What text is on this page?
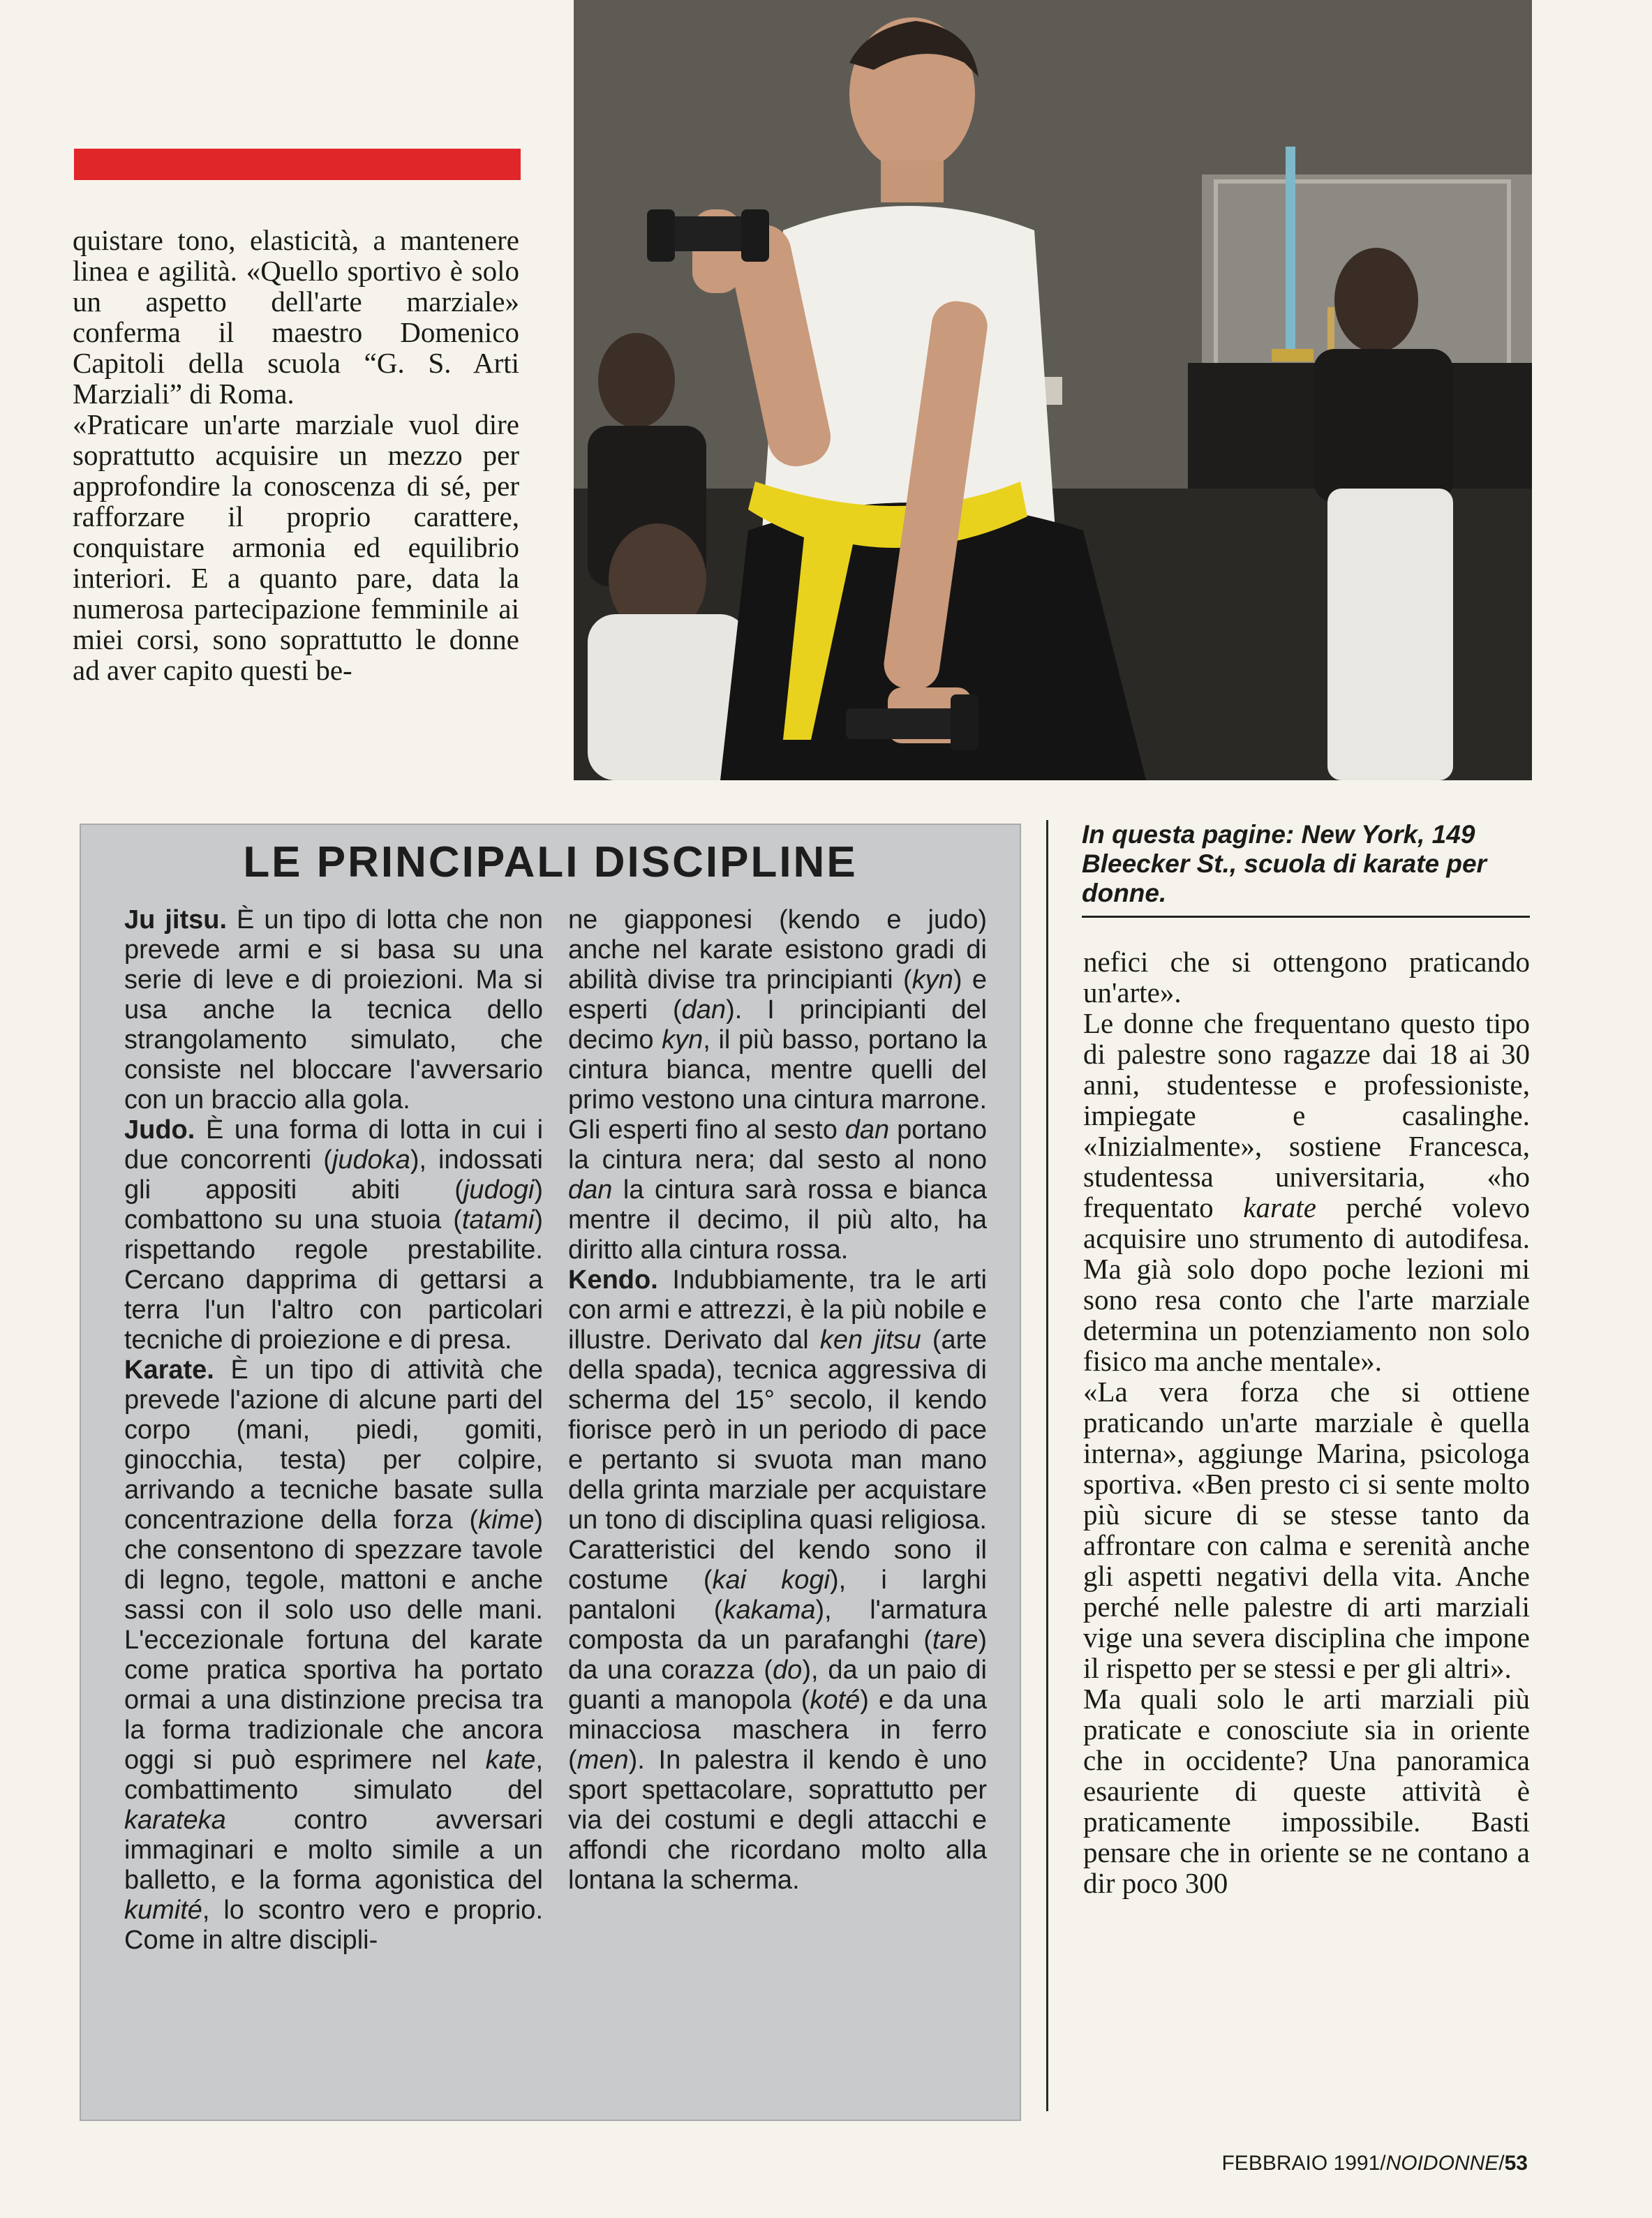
quistare tono, elasticità, a mantenere linea e agilità. «Quello sportivo è solo un aspetto dell'arte marziale» conferma il maestro Domenico Capitoli della scuola “G. S. Arti Marziali” di Roma.

«Praticare un'arte marziale vuol dire soprattutto acquisire un mezzo per approfondire la conoscenza di sé, per rafforzare il proprio carattere, conquistare armonia ed equilibrio interiori. E a quanto pare, data la numerosa partecipazione femminile ai miei corsi, sono soprattutto le donne ad aver capito questi be-

In questa pagine: New York, 149 Bleecker St., scuola di karate per donne.
LE PRINCIPALI DISCIPLINE

Ju jitsu. È un tipo di lotta che non prevede armi e si basa su una serie di leve e di proiezioni. Ma si usa anche la tecnica dello strangolamento simulato, che consiste nel bloccare l'avversario con un braccio alla gola.

Judo. È una forma di lotta in cui i due concorrenti (judoka), indossati gli appositi abiti (judogi) combattono su una stuoia (tatami) rispettando regole prestabilite. Cercano dapprima di gettarsi a terra l'un l'altro con particolari tecniche di proiezione e di presa.

Karate. È un tipo di attività che prevede l'azione di alcune parti del corpo (mani, piedi, gomiti, ginocchia, testa) per colpire, arrivando a tecniche basate sulla concentrazione della forza (kime) che consentono di spezzare tavole di legno, tegole, mattoni e anche sassi con il solo uso delle mani. L'eccezionale fortuna del karate come pratica sportiva ha portato ormai a una distinzione precisa tra la forma tradizionale che ancora oggi si può esprimere nel kate, combattimento simulato del karateka contro avversari immaginari e molto simile a un balletto, e la forma agonistica del kumité, lo scontro vero e proprio. Come in altre discipli-

ne giapponesi (kendo e judo) anche nel karate esistono gradi di abilità divise tra principianti (kyn) e esperti (dan). I principianti del decimo kyn, il più basso, portano la cintura bianca, mentre quelli del primo vestono una cintura marrone. Gli esperti fino al sesto dan portano la cintura nera; dal sesto al nono dan la cintura sarà rossa e bianca mentre il decimo, il più alto, ha diritto alla cintura rossa.

Kendo. Indubbiamente, tra le arti con armi e attrezzi, è la più nobile e illustre. Derivato dal ken jitsu (arte della spada), tecnica aggressiva di scherma del 15° secolo, il kendo fiorisce però in un periodo di pace e pertanto si svuota man mano della grinta marziale per acquistare un tono di disciplina quasi religiosa. Caratteristici del kendo sono il costume (kai kogi), i larghi pantaloni (kakama), l'armatura composta da un parafanghi (tare) da una corazza (do), da un paio di guanti a manopola (koté) e da una minacciosa maschera in ferro (men). In palestra il kendo è uno sport spettacolare, soprattutto per via dei costumi e degli attacchi e affondi che ricordano molto alla lontana la scherma.

nefici che si ottengono praticando un'arte».

Le donne che frequentano questo tipo di palestre sono ragazze dai 18 ai 30 anni, studentesse e professioniste, impiegate e casalinghe. «Inizialmente», sostiene Francesca, studentessa universitaria, «ho frequentato karate perché volevo acquisire uno strumento di autodifesa. Ma già solo dopo poche lezioni mi sono resa conto che l'arte marziale determina un potenziamento non solo fisico ma anche mentale».

«La vera forza che si ottiene praticando un'arte marziale è quella interna», aggiunge Marina, psicologa sportiva. «Ben presto ci si sente molto più sicure di se stesse tanto da affrontare con calma e serenità anche gli aspetti negativi della vita. Anche perché nelle palestre di arti marziali vige una severa disciplina che impone il rispetto per se stessi e per gli altri».

Ma quali solo le arti marziali più praticate e conosciute sia in oriente che in occidente? Una panoramica esauriente di queste attività è praticamente impossibile. Basti pensare che in oriente se ne contano a dir poco 300

FEBBRAIO 1991/NOIDONNE/53
